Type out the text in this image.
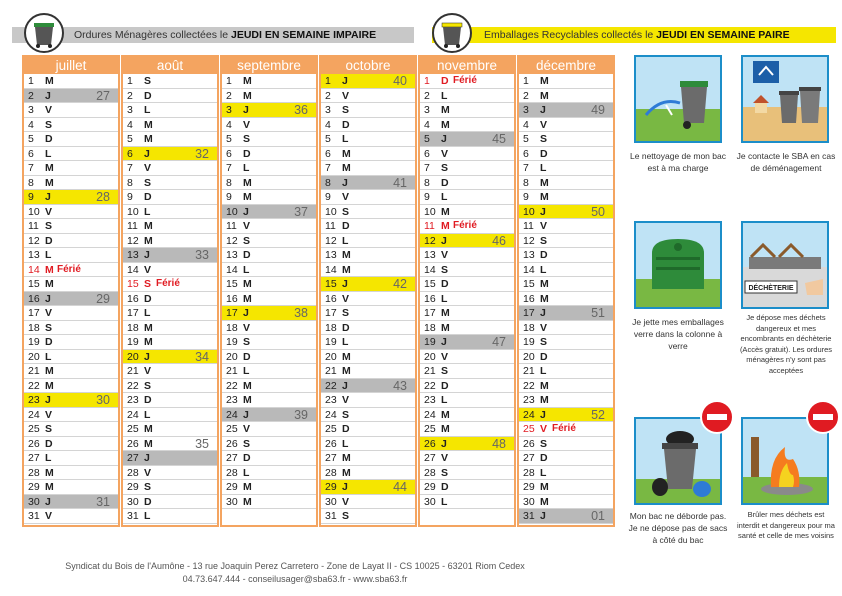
Ordures Ménagères collectées le JEUDI EN SEMAINE IMPAIRE	Emballages Recyclables collectés le JEUDI EN SEMAINE PAIRE
juillet
1	M
2	J	27
3	V
4	S
5	D
6	L
7	M
8	M
9	J	28
10 V
11 S
12 D
13 L
14 M Férié
15 M
16 J	29
17 V
18 S
19 D
20 L
21 M
22 M
23 J	30
24 V
25 S
26 D
27 L
28 M
29 M
30 J	31
31 V
août
1	S
2	D
3	L
4	M
5	M
6	J	32
7	V
8	S
9	D
10 L
11 M
12 M
13 J	33
14 V
15 S Férié
16 D
17 L
18 M
19 M
20 J	34
21 V
22 S
23 D
24 L
25 M
26 M	35
27 J
28 V
29 S
30 D
31 L
septembre
1	M
2	M
3	J	36
4	V
5	S
6	D
7	L
8	M
9	M
10 J	37
11 V
12 S
13 D
14 L
15 M
16 M
17 J	38
18 V
19 S
20 D
21 L
22 M
23 M
24 J	39
25 V
26 S
27 D
28 L
29 M
30 M
octobre
1	J	40
2	V
3	S
4	D
5	L
6	M
7	M
8	J	41
9	V
10 S
11 D
12 L
13 M
14 M
15 J	42
16 V
17 S
18 D
19 L
20 M
21 M
22 J	43
23 V
24 S
25 D
26 L
27 M
28 M
29 J	44
30 V
31 S
novembre
1	D Férié
2	L
3	M
4	M
5	J	45
6	V
7	S
8	D
9	L
10 M
11 M Férié
12 J	46
13 V
14 S
15 D
16 L
17 M
18 M
19 J	47
20 V
21 S
22 D
23 L
24 M
25 M
26 J	48
27 V
28 S
29 D
30 L
décembre
1	M
2	M
3	J	49
4	V
5	S
6	D
7	L
8	M
9	M
10 J	50
11 V
12 S
13 D
14 L
15 M
16 M
17 J	51
18 V
19 S
20 D
21 L
22 M
23 M
24 J	52
25 V Férié
26 S
27 D
28 L
29 M
30 M
31 J	01
Le nettoyage de mon bac est à ma charge
Je contacte le SBA en cas de déménagement
Je jette mes emballages verre dans la colonne à verre
DÉCHÈTERIE
Je dépose mes déchets dangereux et mes encombrants en déchèterie (Accès gratuit). Les ordures ménagères n'y sont pas acceptées
Mon bac ne déborde pas. Je ne dépose pas de sacs à côté du bac
Brûler mes déchets est interdit et dangereux pour ma santé et celle de mes voisins
Syndicat du Bois de l'Aumône - 13 rue Joaquin Perez Carretero - Zone de Layat II - CS 10025 - 63201 Riom Cedex
04.73.647.444 - conseilusager@sba63.fr - www.sba63.fr
